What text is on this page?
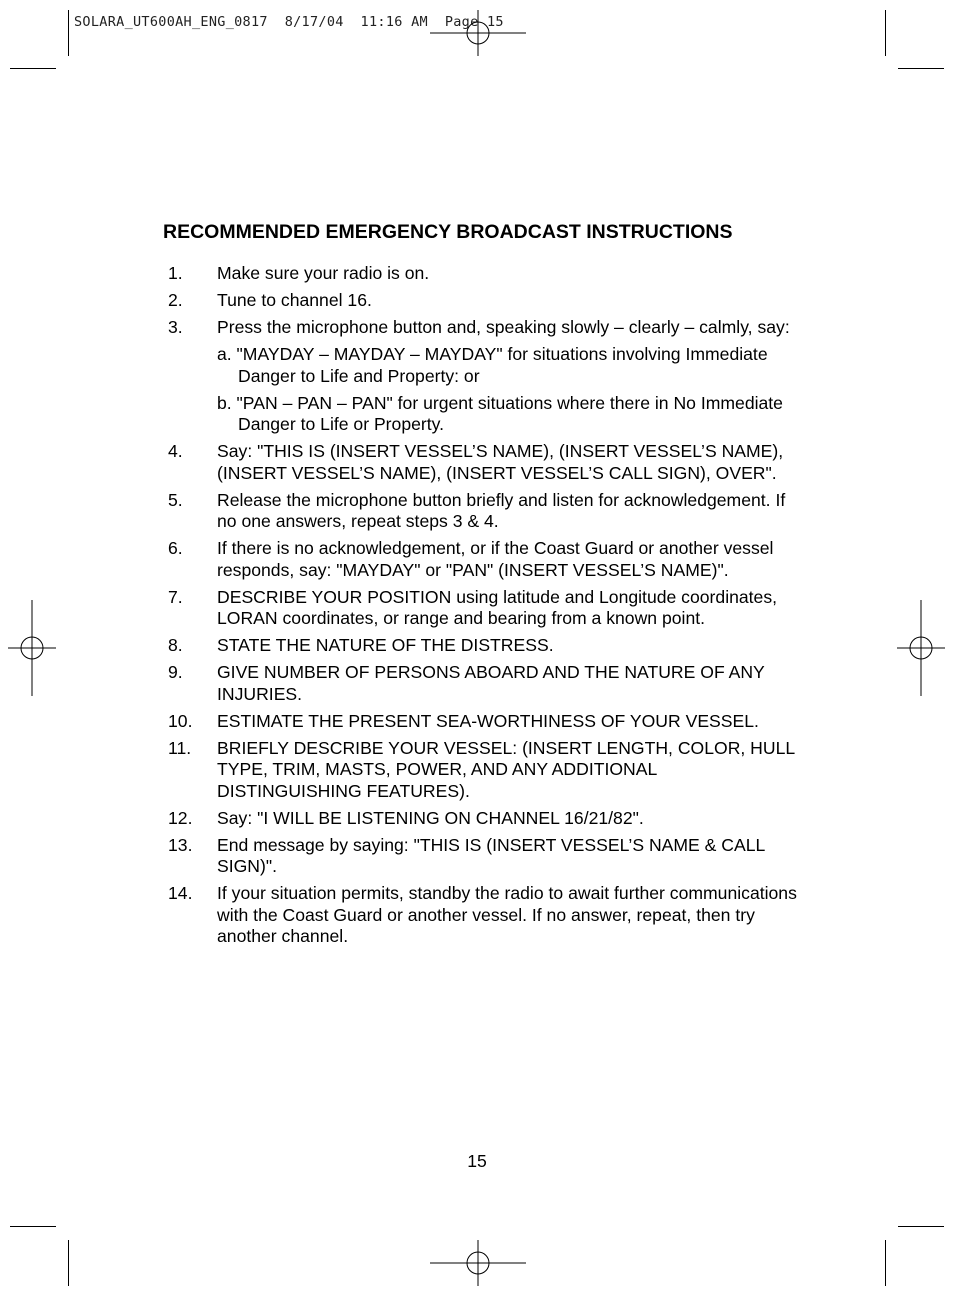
SOLARA_UT600AH_ENG_0817  8/17/04  11:16 AM  Page 15
RECOMMENDED EMERGENCY BROADCAST INSTRUCTIONS
1. Make sure your radio is on.
2. Tune to channel 16.
3. Press the microphone button and, speaking slowly – clearly – calmly, say:
a. "MAYDAY – MAYDAY – MAYDAY" for situations involving Immediate Danger to Life and Property: or
b. "PAN – PAN – PAN" for urgent situations where there in No Immediate Danger to Life or Property.
4. Say: "THIS IS (INSERT VESSEL’S NAME), (INSERT VESSEL’S NAME), (INSERT VESSEL’S NAME), (INSERT VESSEL’S CALL SIGN), OVER".
5. Release the microphone button briefly and listen for acknowledgement. If no one answers, repeat steps 3 & 4.
6. If there is no acknowledgement, or if the Coast Guard or another vessel responds, say: "MAYDAY" or "PAN" (INSERT VESSEL’S NAME)".
7. DESCRIBE YOUR POSITION using latitude and Longitude coordinates, LORAN coordinates, or range and bearing from a known point.
8. STATE THE NATURE OF THE DISTRESS.
9. GIVE NUMBER OF PERSONS ABOARD AND THE NATURE OF ANY INJURIES.
10. ESTIMATE THE PRESENT SEA-WORTHINESS OF YOUR VESSEL.
11. BRIEFLY DESCRIBE YOUR VESSEL: (INSERT LENGTH, COLOR, HULL TYPE, TRIM, MASTS, POWER, AND ANY ADDITIONAL DISTINGUISHING FEATURES).
12. Say: "I WILL BE LISTENING ON CHANNEL 16/21/82".
13. End message by saying: "THIS IS (INSERT VESSEL’S NAME & CALL SIGN)".
14. If your situation permits, standby the radio to await further communications with the Coast Guard or another vessel. If no answer, repeat, then try another channel.
15
